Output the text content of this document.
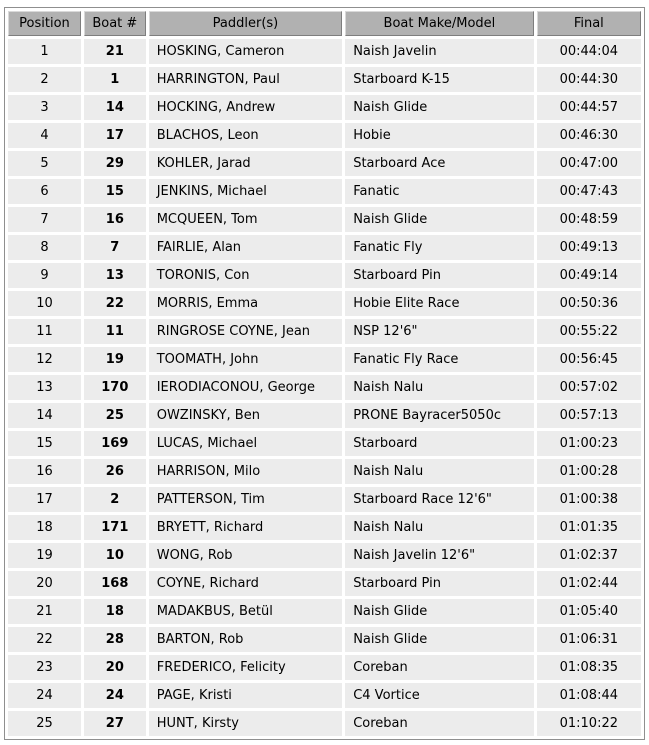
Position	Boat #	Paddler(s)	Boat Make/Model	Final
1	21	HOSKING, Cameron	Naish Javelin	00:44:04
2	1	HARRINGTON, Paul	Starboard K-15	00:44:30
3	14	HOCKING, Andrew	Naish Glide	00:44:57
4	17	BLACHOS, Leon	Hobie	00:46:30
5	29	KOHLER, Jarad	Starboard Ace	00:47:00
6	15	JENKINS, Michael	Fanatic	00:47:43
7	16	MCQUEEN, Tom	Naish Glide	00:48:59
8	7	FAIRLIE, Alan	Fanatic Fly	00:49:13
9	13	TORONIS, Con	Starboard Pin	00:49:14
10	22	MORRIS, Emma	Hobie Elite Race	00:50:36
11	11	RINGROSE COYNE, Jean	NSP 12'6"	00:55:22
12	19	TOOMATH, John	Fanatic Fly Race	00:56:45
13	170	IERODIACONOU, George	Naish Nalu	00:57:02
14	25	OWZINSKY, Ben	PRONE Bayracer5050c	00:57:13
15	169	LUCAS, Michael	Starboard	01:00:23
16	26	HARRISON, Milo	Naish Nalu	01:00:28
17	2	PATTERSON, Tim	Starboard Race 12'6"	01:00:38
18	171	BRYETT, Richard	Naish Nalu	01:01:35
19	10	WONG, Rob	Naish Javelin 12'6"	01:02:37
20	168	COYNE, Richard	Starboard Pin	01:02:44
21	18	MADAKBUS, Betül	Naish Glide	01:05:40
22	28	BARTON, Rob	Naish Glide	01:06:31
23	20	FREDERICO, Felicity	Coreban	01:08:35
24	24	PAGE, Kristi	C4 Vortice	01:08:44
25	27	HUNT, Kirsty	Coreban	01:10:22
